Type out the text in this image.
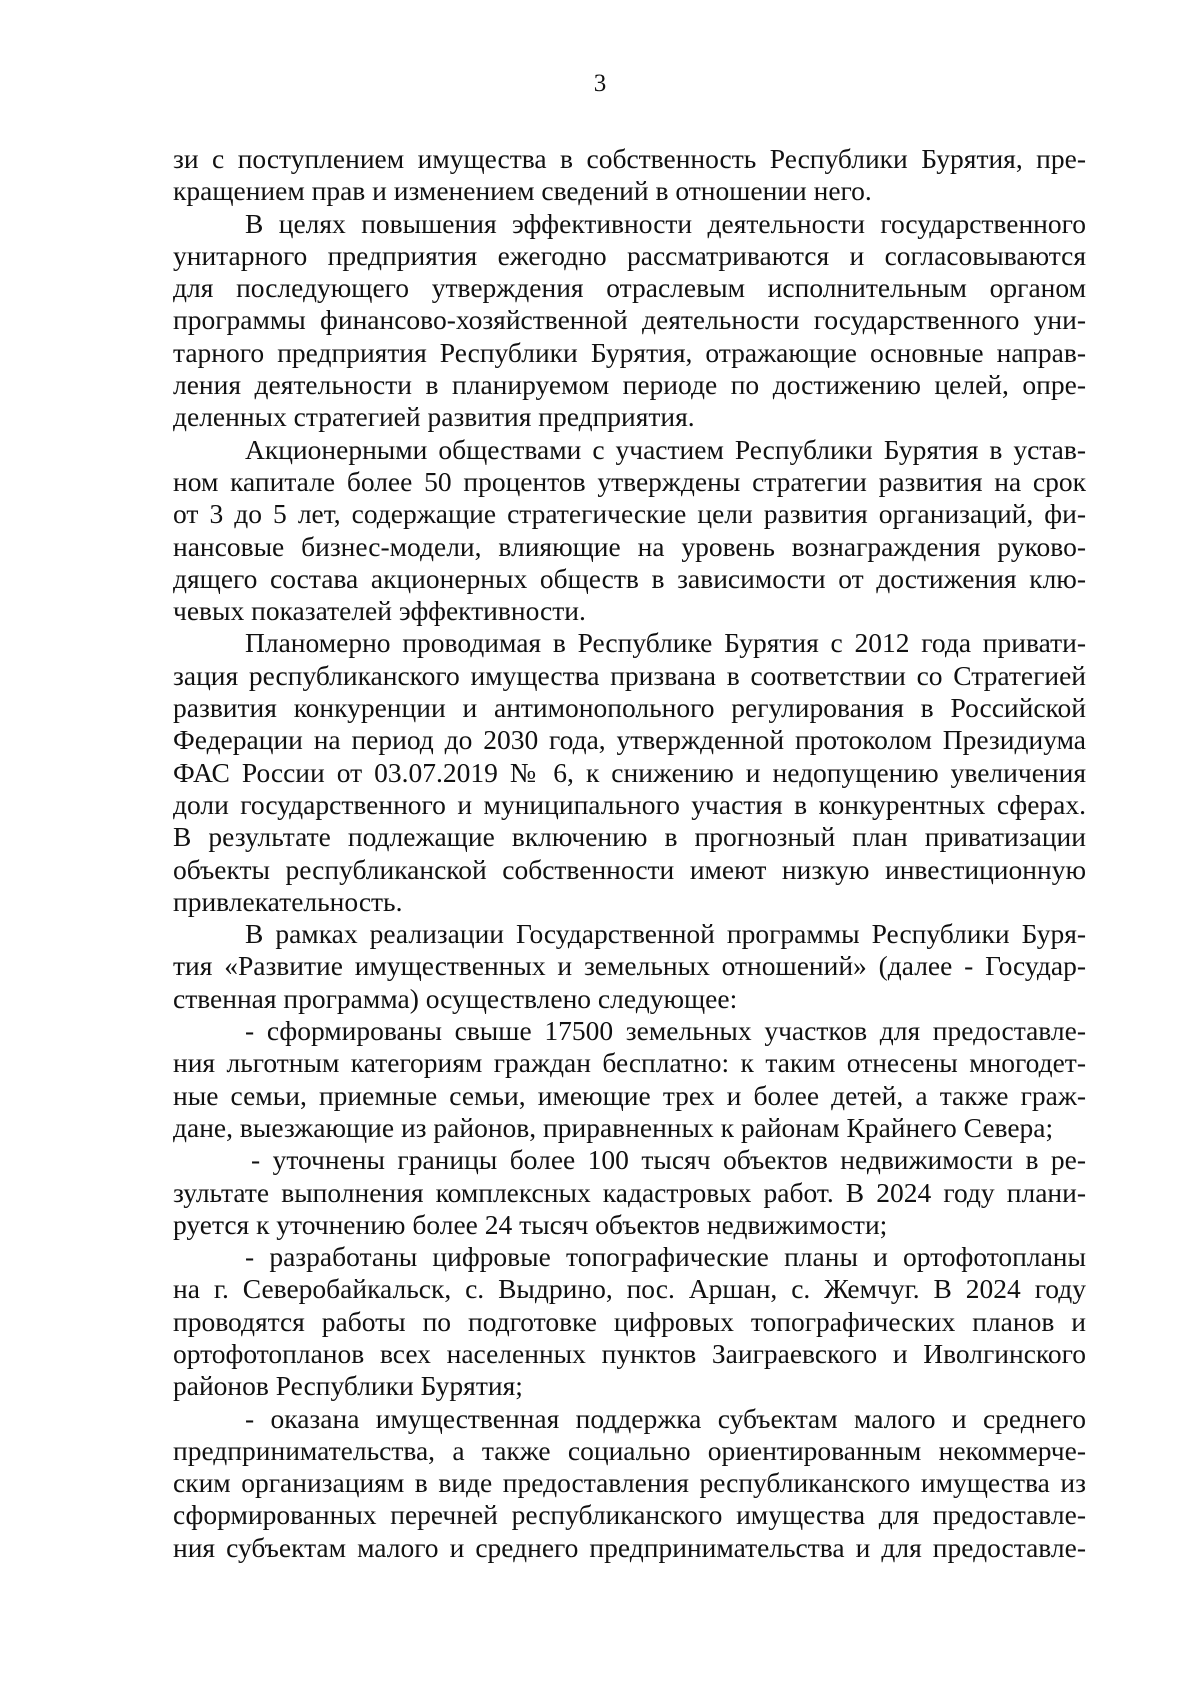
3
зи с поступлением имущества в собственность Республики Бурятия, пре-
кращением прав и изменением сведений в отношении него.
В целях повышения эффективности деятельности государственного
унитарного предприятия ежегодно рассматриваются и согласовываются
для последующего утверждения отраслевым исполнительным органом
программы финансово-хозяйственной деятельности государственного уни-
тарного предприятия Республики Бурятия, отражающие основные направ-
ления деятельности в планируемом периоде по достижению целей, опре-
деленных стратегией развития предприятия.
Акционерными обществами с участием Республики Бурятия в устав-
ном капитале более 50 процентов утверждены стратегии развития на срок
от 3 до 5 лет, содержащие стратегические цели развития организаций, фи-
нансовые бизнес-модели, влияющие на уровень вознаграждения руково-
дящего состава акционерных обществ в зависимости от достижения клю-
чевых показателей эффективности.
Планомерно проводимая в Республике Бурятия с 2012 года привати-
зация республиканского имущества призвана в соответствии со Стратегией
развития конкуренции и антимонопольного регулирования в Российской
Федерации на период до 2030 года, утвержденной протоколом Президиума
ФАС России от 03.07.2019 № 6, к снижению и недопущению увеличения
доли государственного и муниципального участия в конкурентных сферах.
В результате подлежащие включению в прогнозный план приватизации
объекты республиканской собственности имеют низкую инвестиционную
привлекательность.
В рамках реализации Государственной программы Республики Буря-
тия «Развитие имущественных и земельных отношений» (далее - Государ-
ственная программа) осуществлено следующее:
- сформированы свыше 17500 земельных участков для предоставле-
ния льготным категориям граждан бесплатно: к таким отнесены многодет-
ные семьи, приемные семьи, имеющие трех и более детей, а также граж-
дане, выезжающие из районов, приравненных к районам Крайнего Севера;
- уточнены границы более 100 тысяч объектов недвижимости в ре-
зультате выполнения комплексных кадастровых работ. В 2024 году плани-
руется к уточнению более 24 тысяч объектов недвижимости;
- разработаны цифровые топографические планы и ортофотопланы
на г. Северобайкальск, с. Выдрино, пос. Аршан, с. Жемчуг. В 2024 году
проводятся работы по подготовке цифровых топографических планов и
ортофотопланов всех населенных пунктов Заиграевского и Иволгинского
районов Республики Бурятия;
- оказана имущественная поддержка субъектам малого и среднего
предпринимательства, а также социально ориентированным некоммерче-
ским организациям в виде предоставления республиканского имущества из
сформированных перечней республиканского имущества для предоставле-
ния субъектам малого и среднего предпринимательства и для предоставле-
